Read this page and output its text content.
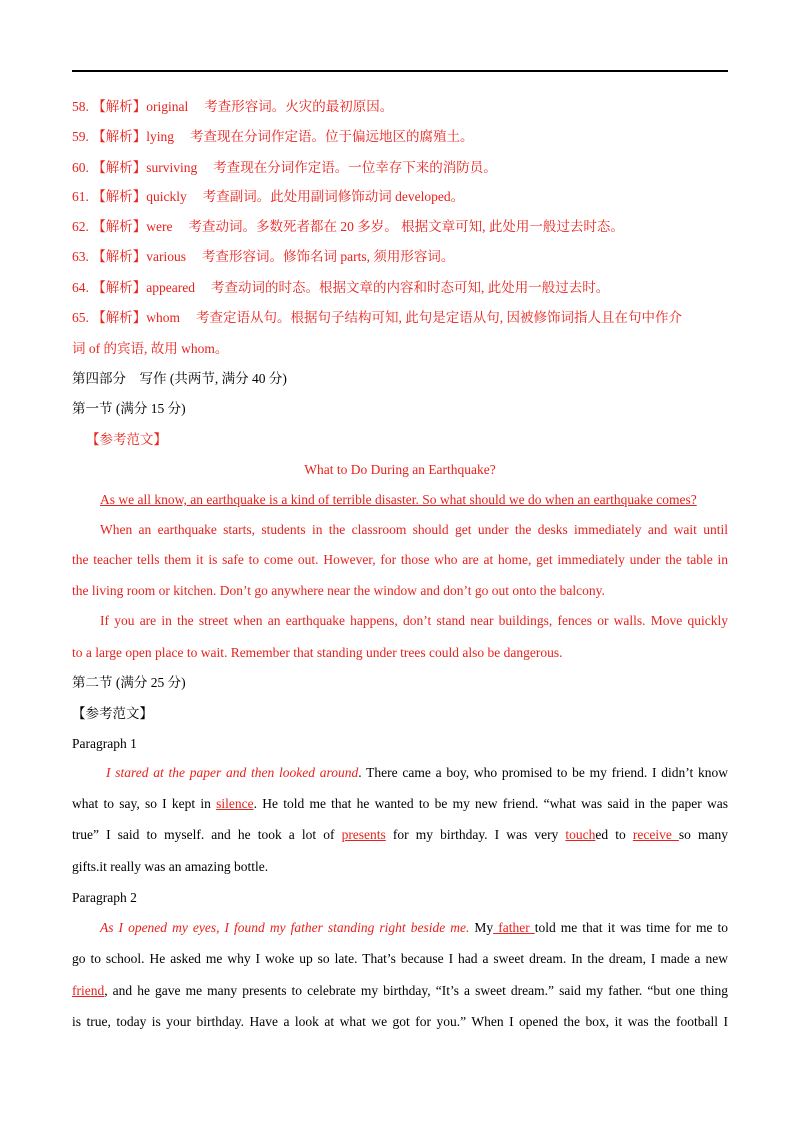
58. 【解析】original 考查形容词。火灾的最初原因。
59. 【解析】lying 考查现在分词作定语。位于偏远地区的腐殖土。
60. 【解析】surviving 考查现在分词作定语。一位幸存下来的消防员。
61. 【解析】quickly 考查副词。此处用副词修饰动词 developed。
62. 【解析】were 考查动词。多数死者都在 20 多岁。 根据文章可知, 此处用一般过去时态。
63. 【解析】various 考查形容词。修饰名词 parts, 须用形容词。
64. 【解析】appeared 考查动词的时态。根据文章的内容和时态可知, 此处用一般过去时。
65. 【解析】whom 考查定语从句。根据句子结构可知, 此句是定语从句, 因被修饰词指人且在句中作介
词 of 的宾语, 故用 whom。
第四部分　写作 (共两节, 满分 40 分)
第一节 (满分 15 分)
【参考范文】
What to Do During an Earthquake?
As we all know, an earthquake is a kind of terrible disaster. So what should we do when an earthquake comes?
When an earthquake starts, students in the classroom should get under the desks immediately and wait until
the teacher tells them it is safe to come out. However, for those who are at home, get immediately under the table in
the living room or kitchen. Don’t go anywhere near the window and don’t go out onto the balcony.
If you are in the street when an earthquake happens, don’t stand near buildings, fences or walls. Move quickly
to a large open place to wait. Remember that standing under trees could also be dangerous.
第二节 (满分 25 分)
【参考范文】
Paragraph 1
I stared at the paper and then looked around. There came a boy, who promised to be my friend. I didn’t know
what to say, so I kept in silence. He told me that he wanted to be my new friend. “what was said in the paper was
true” I said to myself. and he took a lot of presents for my birthday. I was very touched to receive so many
gifts.it really was an amazing bottle.
Paragraph 2
As I opened my eyes, I found my father standing right beside me. My father told me that it was time for me to
go to school. He asked me why I woke up so late. That’s because I had a sweet dream. In the dream, I made a new
friend, and he gave me many presents to celebrate my birthday, “It’s a sweet dream.” said my father. “but one thing
is true, today is your birthday. Have a look at what we got for you.” When I opened the box, it was the football I
